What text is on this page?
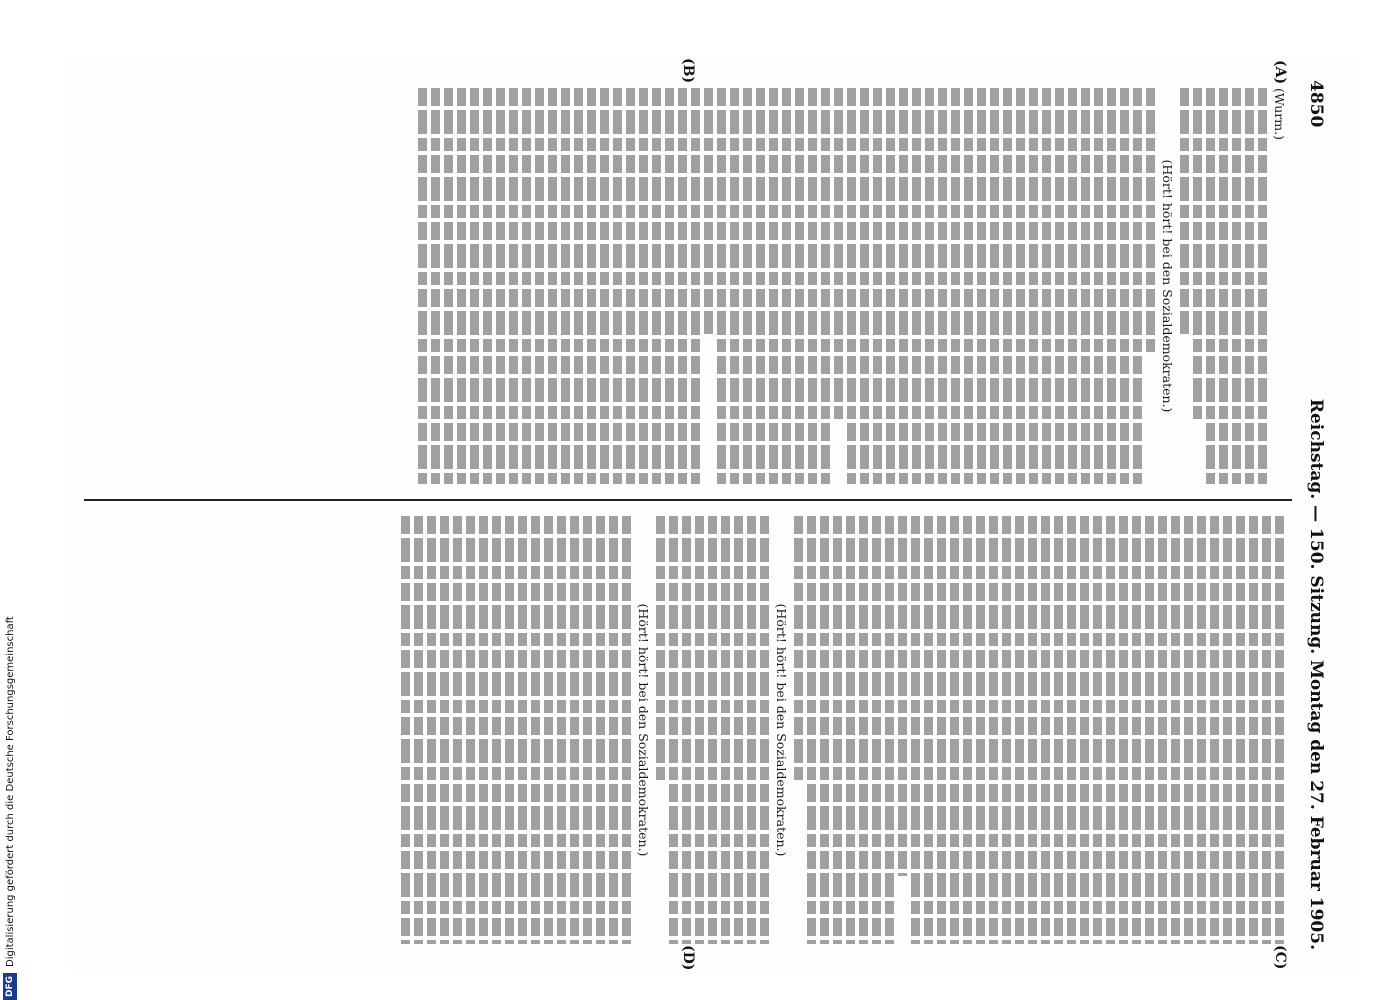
4850
Reichstag. — 150. Sitzung. Montag den 27. Februar 1905.
(A)
(B)
(C)
(D)
(Wurm.)
(Hört! hört! bei den Sozialdemokraten.)
(Hört! hört! bei den Sozialdemokraten.)
(Hört! hört! bei den Sozialdemokraten.)
DFG
Digitalisierung gefördert durch die Deutsche Forschungsgemeinschaft
